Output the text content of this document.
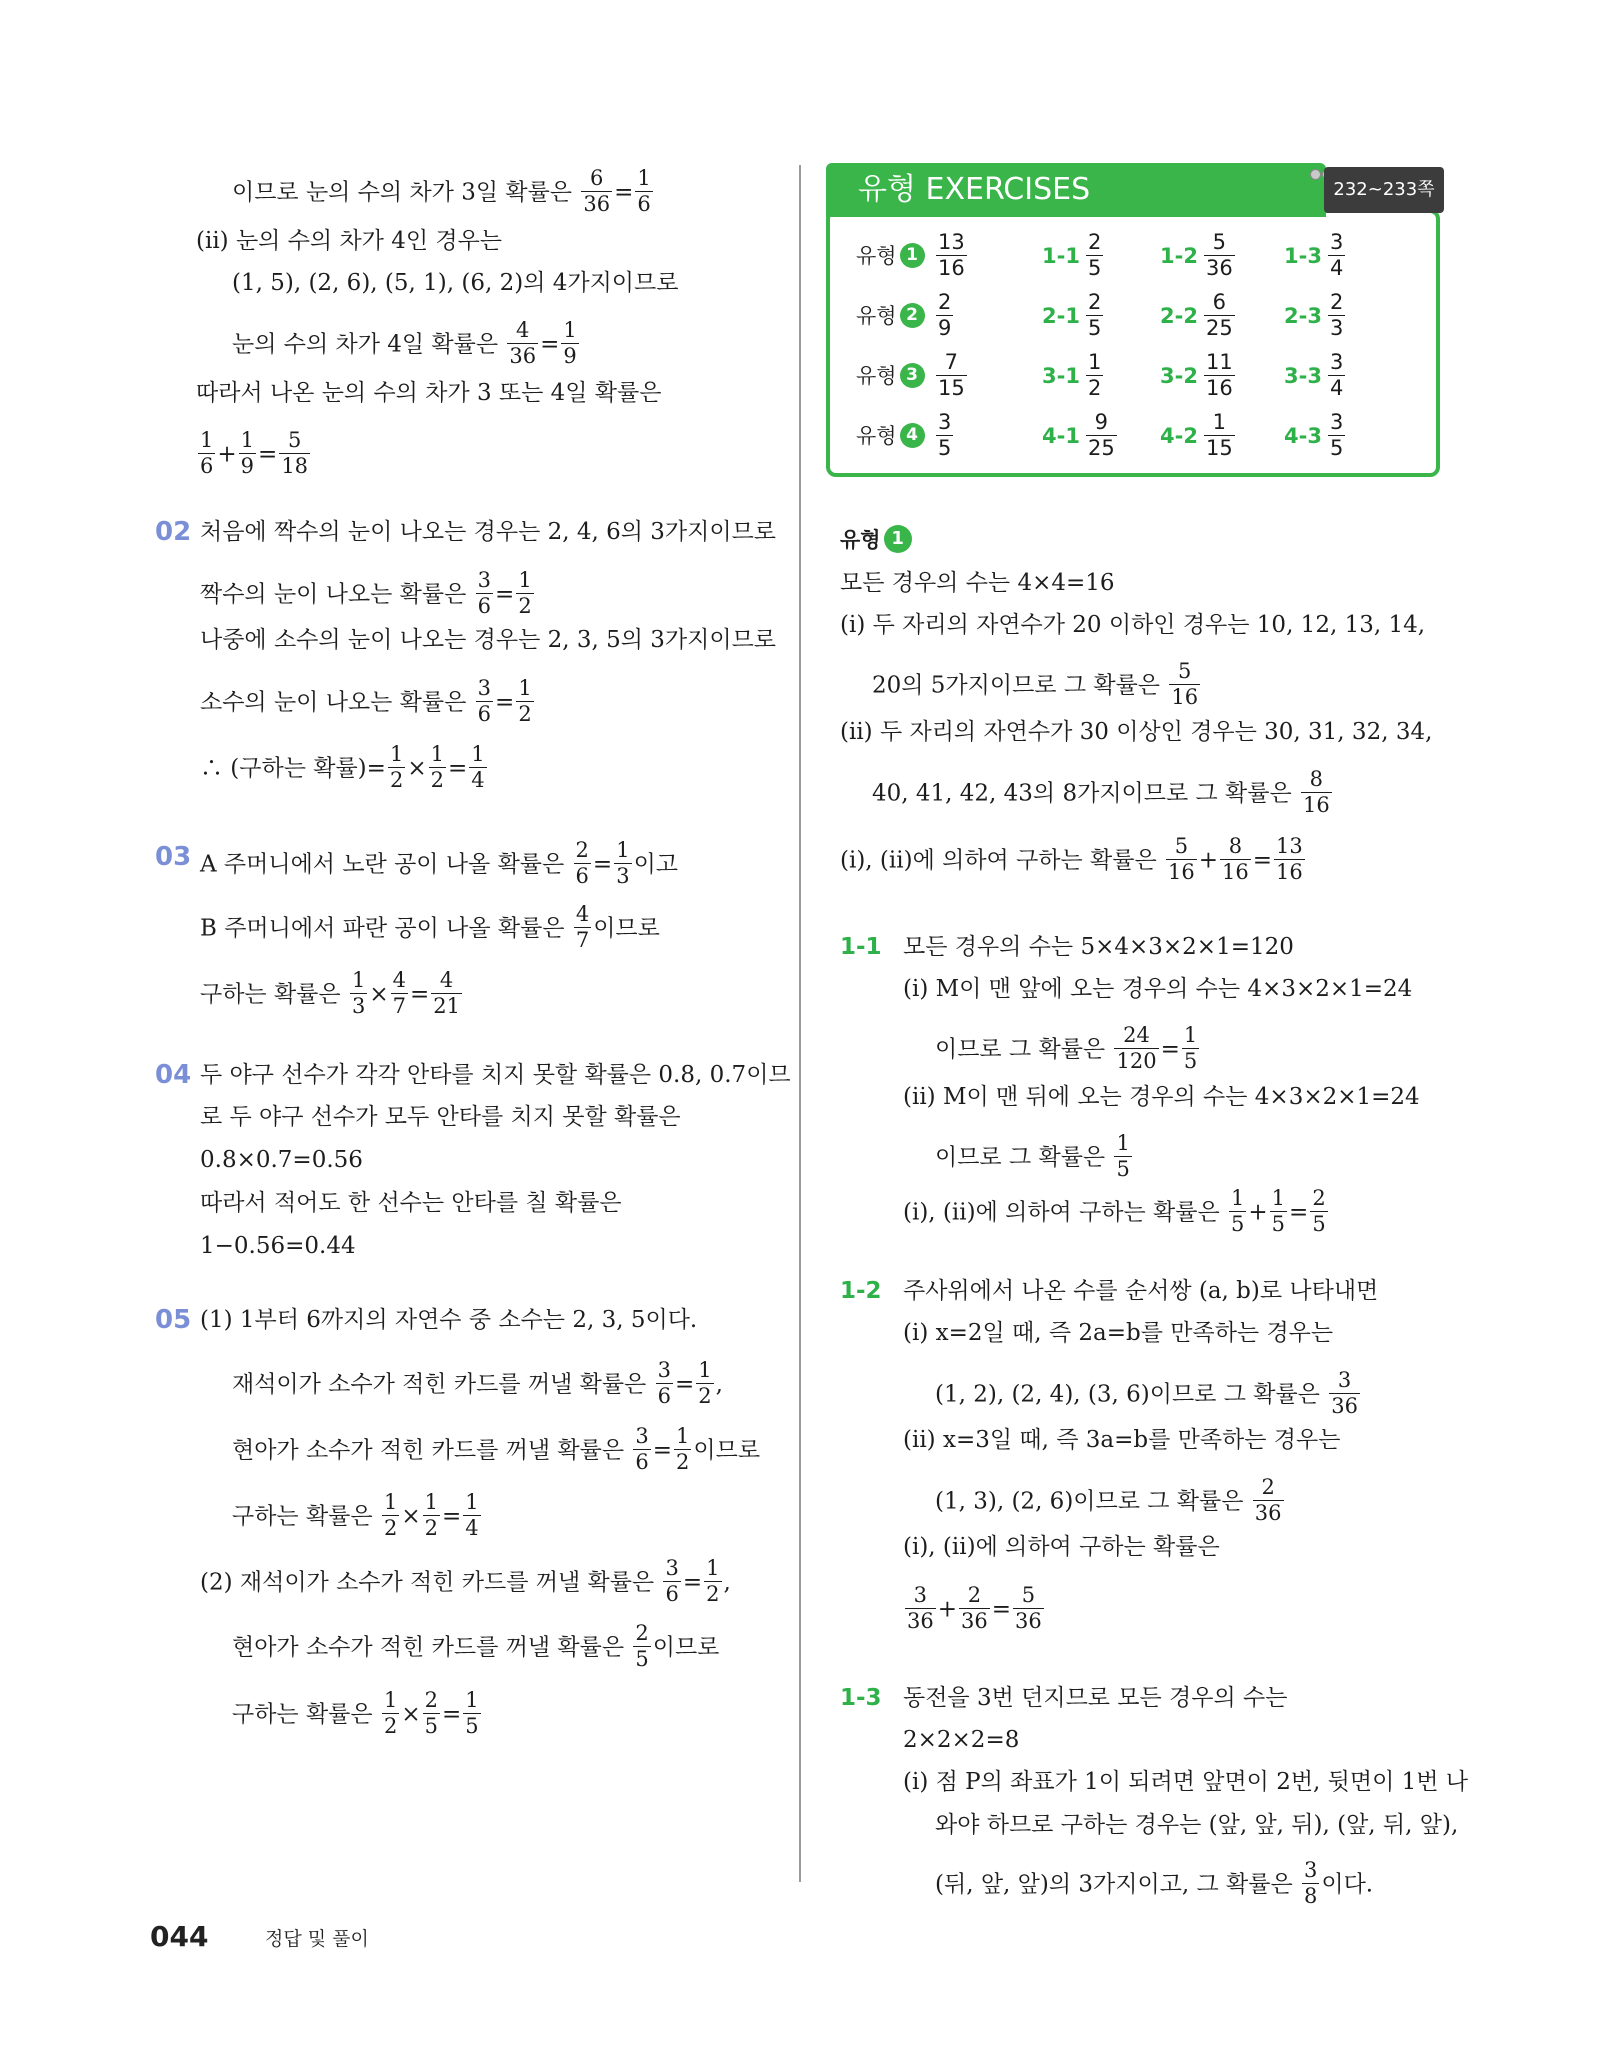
이므로 눈의 수의 차가 3일 확률은 $\frac{6}{36} = \frac{1}{6}$
(ii) 눈의 수의 차가 4인 경우는
(1, 5), (2, 6), (5, 1), (6, 2)의 4가지이므로
눈의 수의 차가 4일 확률은 $\frac{4}{36} = \frac{1}{9}$
따라서 나온 눈의 수의 차가 3 또는 4일 확률은
$\frac{1}{6} + \frac{1}{9} = \frac{5}{18}$
02 처음에 짝수의 눈이 나오는 경우는 2, 4, 6의 3가지이므로
짝수의 눈이 나오는 확률은 $\frac{3}{6} = \frac{1}{2}$
나중에 소수의 눈이 나오는 경우는 2, 3, 5의 3가지이므로
소수의 눈이 나오는 확률은 $\frac{3}{6} = \frac{1}{2}$
∴ (구하는 확률)= $\frac{1}{2} \times \frac{1}{2} = \frac{1}{4}$
03 A 주머니에서 노란 공이 나올 확률은 $\frac{2}{6} = \frac{1}{3}$ 이고
B 주머니에서 파란 공이 나올 확률은 $\frac{4}{7}$ 이므로
구하는 확률은 $\frac{1}{3} \times \frac{4}{7} = \frac{4}{21}$
04 두 야구 선수가 각각 안타를 치지 못할 확률은 0.8, 0.7이므
로 두 야구 선수가 모두 안타를 치지 못할 확률은
0.8×0.7=0.56
따라서 적어도 한 선수는 안타를 칠 확률은
1−0.56=0.44
05 (1) 1부터 6까지의 자연수 중 소수는 2, 3, 5이다.
재석이가 소수가 적힌 카드를 꺼낼 확률은 $\frac{3}{6} = \frac{1}{2}$ ,
현아가 소수가 적힌 카드를 꺼낼 확률은 $\frac{3}{6} = \frac{1}{2}$ 이므로
구하는 확률은 $\frac{1}{2} \times \frac{1}{2} = \frac{1}{4}$
(2) 재석이가 소수가 적힌 카드를 꺼낼 확률은 $\frac{3}{6} = \frac{1}{2}$ ,
현아가 소수가 적힌 카드를 꺼낼 확률은 $\frac{2}{5}$ 이므로
구하는 확률은 $\frac{1}{2} \times \frac{2}{5} = \frac{1}{5}$
유형 EXERCISES	232~233쪽
유형 $1 \frac{13}{16}$	$1-1 \frac{2}{5}$	$1-2 \frac{5}{36} 1-3 \frac{3}{4}$
유형 $2 \frac{2}{9}$	$2-1 \frac{2}{5}$	$2-2 \frac{6}{25} 2-3 \frac{2}{3}$
유형 $3 \frac{7}{15}$	$3-1 \frac{1}{2}$	$3-2 \frac{11}{16} 3-3 \frac{3}{4}$
유형 $4 \frac{3}{5}$	$4-1 \frac{9}{25} 4-2 \frac{1}{15} 4-3 \frac{3}{5}$
유형 1
모든 경우의 수는 4×4=16
(i) 두 자리의 자연수가 20 이하인 경우는 10, 12, 13, 14,
20의 5가지이므로 그 확률은 $\frac{5}{16}$
(ii) 두 자리의 자연수가 30 이상인 경우는 30, 31, 32, 34,
40, 41, 42, 43의 8가지이므로 그 확률은 $\frac{8}{16}$
(i), (ii)에 의하여 구하는 확률은 $\frac{5}{16} + \frac{8}{16} = \frac{13}{16}$
1-1 모든 경우의 수는 5×4×3×2×1=120
(i) M이 맨 앞에 오는 경우의 수는 4×3×2×1=24
이므로 그 확률은 $\frac{24}{120} = \frac{1}{5}$
(ii) M이 맨 뒤에 오는 경우의 수는 4×3×2×1=24
이므로 그 확률은 $\frac{1}{5}$
(i), (ii)에 의하여 구하는 확률은 $\frac{1}{5} + \frac{1}{5} = \frac{2}{5}$
1-2 주사위에서 나온 수를 순서쌍 (a, b)로 나타내면
(i) x=2일 때, 즉 2a=b를 만족하는 경우는
(1, 2), (2, 4), (3, 6)이므로 그 확률은 $\frac{3}{36}$
(ii) x=3일 때, 즉 3a=b를 만족하는 경우는
(1, 3), (2, 6)이므로 그 확률은 $\frac{2}{36}$
(i), (ii)에 의하여 구하는 확률은
$\frac{3}{36} + \frac{2}{36} = \frac{5}{36}$
1-3 동전을 3번 던지므로 모든 경우의 수는
2×2×2=8
(i) 점 P의 좌표가 1이 되려면 앞면이 2번, 뒷면이 1번 나
와야 하므로 구하는 경우는 (앞, 앞, 뒤), (앞, 뒤, 앞),
(뒤, 앞, 앞)의 3가지이고, 그 확률은 $\frac{3}{8}$ 이다.
044	정답 및 풀이
